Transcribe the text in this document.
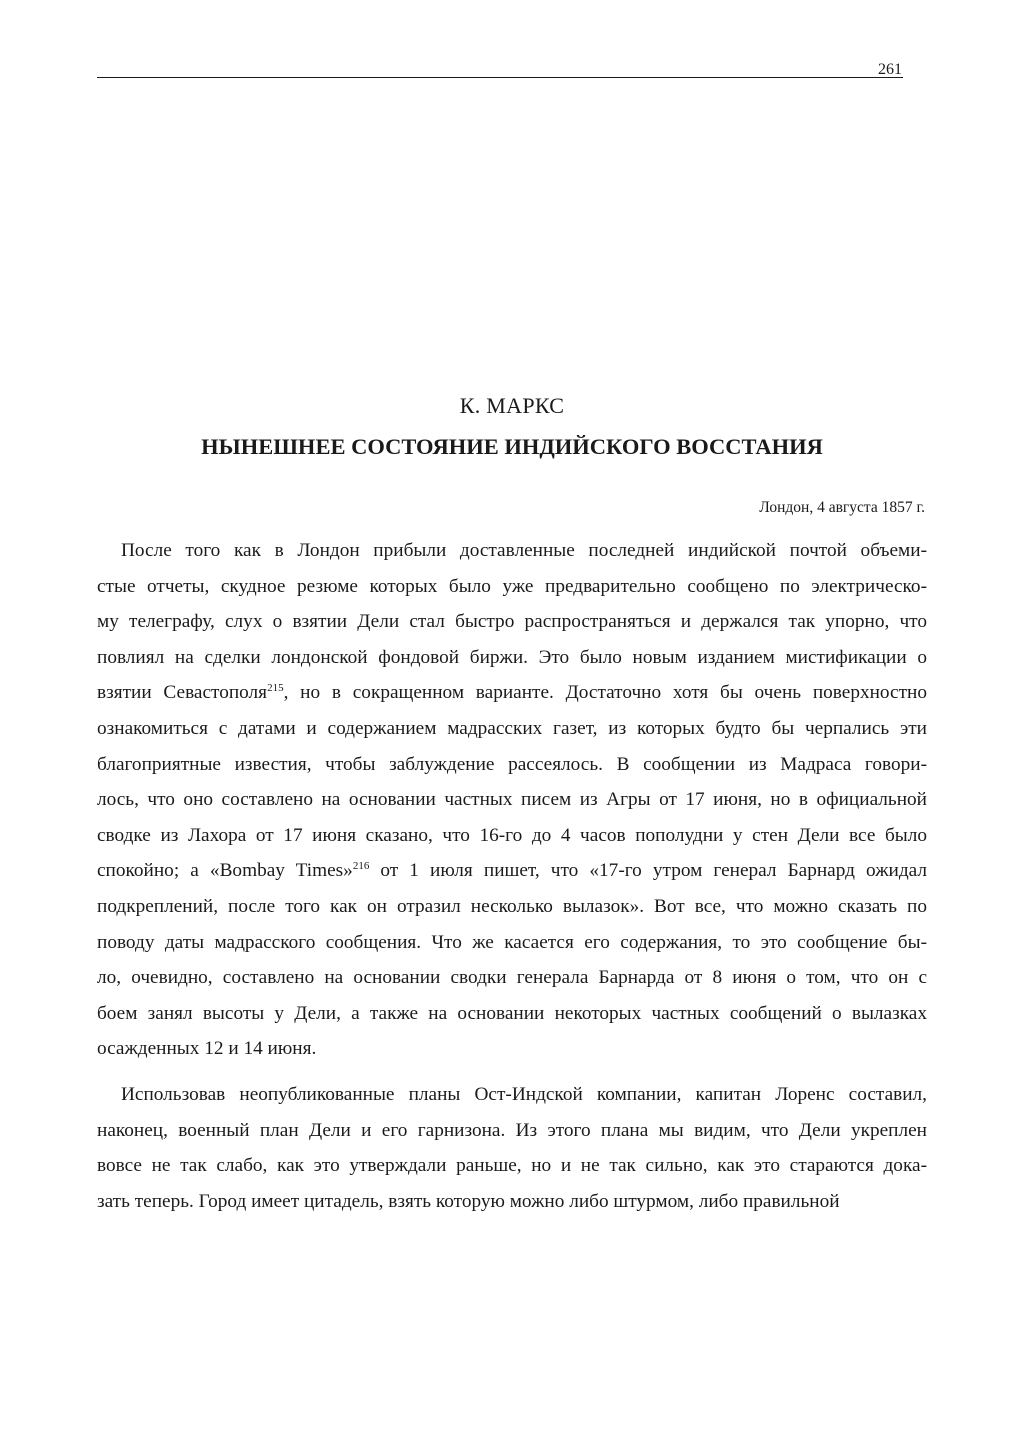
261
К. МАРКС
НЫНЕШНЕЕ СОСТОЯНИЕ ИНДИЙСКОГО ВОССТАНИЯ
Лондон, 4 августа 1857 г.
После того как в Лондон прибыли доставленные последней индийской почтой объеми-
стые отчеты, скудное резюме которых было уже предварительно сообщено по электрическо-
му телеграфу, слух о взятии Дели стал быстро распространяться и держался так упорно, что
повлиял на сделки лондонской фондовой биржи. Это было новым изданием мистификации о
взятии Севастополя$^{215}$, но в сокращенном варианте. Достаточно хотя бы очень поверхностно
ознакомиться с датами и содержанием мадрасских газет, из которых будто бы черпались эти
благоприятные известия, чтобы заблуждение рассеялось. В сообщении из Мадраса говори-
лось, что оно составлено на основании частных писем из Агры от 17 июня, но в официальной
сводке из Лахора от 17 июня сказано, что 16-го до 4 часов пополудни у стен Дели все было
спокойно; а «Bombay Times»$^{216}$ от 1 июля пишет, что «17-го утром генерал Барнард ожидал
подкреплений, после того как он отразил несколько вылазок». Вот все, что можно сказать по
поводу даты мадрасского сообщения. Что же касается его содержания, то это сообщение бы-
ло, очевидно, составлено на основании сводки генерала Барнарда от 8 июня о том, что он с
боем занял высоты у Дели, а также на основании некоторых частных сообщений о вылазках
осажденных 12 и 14 июня.
Использовав неопубликованные планы Ост-Индской компании, капитан Лоренс составил,
наконец, военный план Дели и его гарнизона. Из этого плана мы видим, что Дели укреплен
вовсе не так слабо, как это утверждали раньше, но и не так сильно, как это стараются дока-
зать теперь. Город имеет цитадель, взять которую можно либо штурмом, либо правильной
